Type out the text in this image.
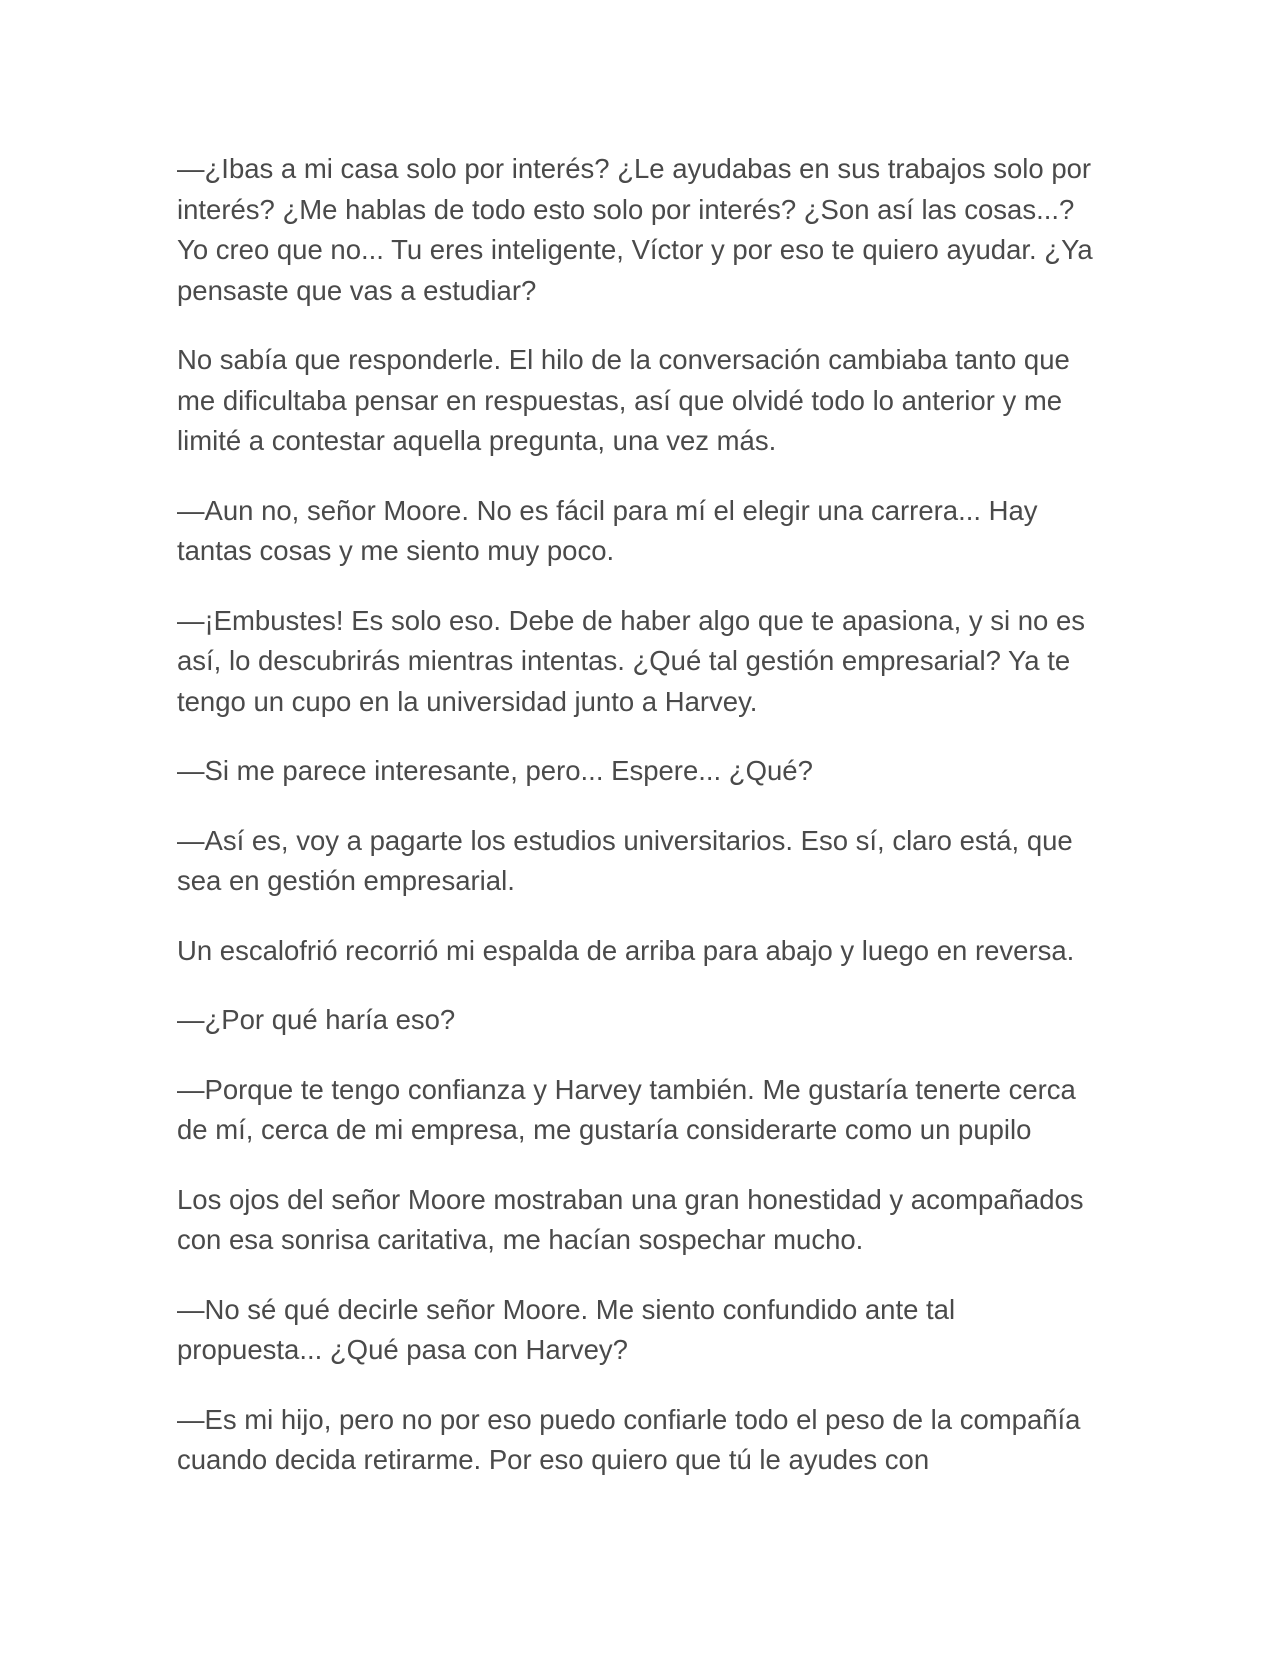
—¿Ibas a mi casa solo por interés? ¿Le ayudabas en sus trabajos solo por interés? ¿Me hablas de todo esto solo por interés? ¿Son así las cosas...? Yo creo que no... Tu eres inteligente, Víctor y por eso te quiero ayudar. ¿Ya pensaste que vas a estudiar?

No sabía que responderle. El hilo de la conversación cambiaba tanto que me dificultaba pensar en respuestas, así que olvidé todo lo anterior y me limité a contestar aquella pregunta, una vez más.

—Aun no, señor Moore. No es fácil para mí el elegir una carrera... Hay tantas cosas y me siento muy poco.

—¡Embustes! Es solo eso. Debe de haber algo que te apasiona, y si no es así, lo descubrirás mientras intentas. ¿Qué tal gestión empresarial? Ya te tengo un cupo en la universidad junto a Harvey.

—Si me parece interesante, pero... Espere... ¿Qué?

—Así es, voy a pagarte los estudios universitarios. Eso sí, claro está, que sea en gestión empresarial.

Un escalofrió recorrió mi espalda de arriba para abajo y luego en reversa.

—¿Por qué haría eso?

—Porque te tengo confianza y Harvey también. Me gustaría tenerte cerca de mí, cerca de mi empresa, me gustaría considerarte como un pupilo

Los ojos del señor Moore mostraban una gran honestidad y acompañados con esa sonrisa caritativa, me hacían sospechar mucho.

—No sé qué decirle señor Moore. Me siento confundido ante tal propuesta... ¿Qué pasa con Harvey?

—Es mi hijo, pero no por eso puedo confiarle todo el peso de la compañía cuando decida retirarme. Por eso quiero que tú le ayudes con
